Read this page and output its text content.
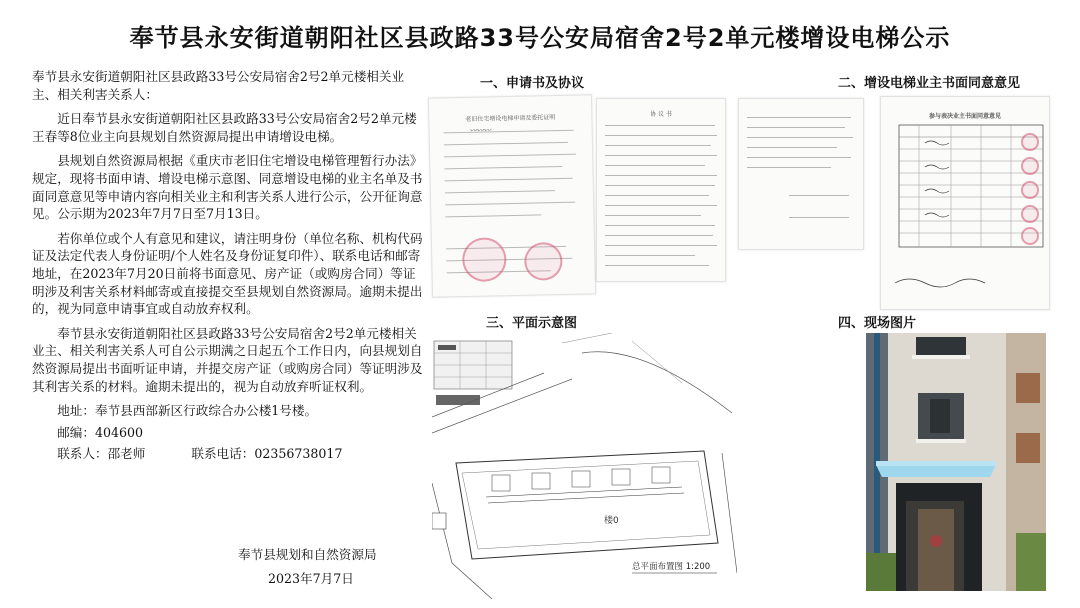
奉节县永安街道朝阳社区县政路33号公安局宿舍2号2单元楼增设电梯公示

奉节县永安街道朝阳社区县政路33号公安局宿舍2号2单元楼相关业主、相关利害关系人：

近日奉节县永安街道朝阳社区县政路33号公安局宿舍2号2单元楼王春等8位业主向县规划自然资源局提出申请增设电梯。

县规划自然资源局根据《重庆市老旧住宅增设电梯管理暂行办法》规定，现将书面申请、增设电梯示意图、同意增设电梯的业主名单及书面同意意见等申请内容向相关业主和利害关系人进行公示，公开征询意见。公示期为2023年7月7日至7月13日。

若你单位或个人有意见和建议，请注明身份（单位名称、机构代码证及法定代表人身份证明/个人姓名及身份证复印件）、联系电话和邮寄地址，在2023年7月20日前将书面意见、房产证（或购房合同）等证明涉及利害关系材料邮寄或直接提交至县规划自然资源局。逾期未提出的，视为同意申请事宜或自动放弃权利。

奉节县永安街道朝阳社区县政路33号公安局宿舍2号2单元楼相关业主、相关利害关系人可自公示期满之日起五个工作日内，向县规划自然资源局提出书面听证申请，并提交房产证（或购房合同）等证明涉及其利害关系的材料。逾期未提出的，视为自动放弃听证权利。

地址：奉节县西部新区行政综合办公楼1号楼。
邮编：404600
联系人：邵老师	联系电话：02356738017
奉节县规划和自然资源局
2023年7月7日
一、申请书及协议	二、增设电梯业主书面同意意见
三、平面示意图	四、现场图片
老旧住宅增设电梯申请及委托证明
〰〰〰
协 议 书	参与表决业主书面同意意见
楼0
总平面布置图 1:200
